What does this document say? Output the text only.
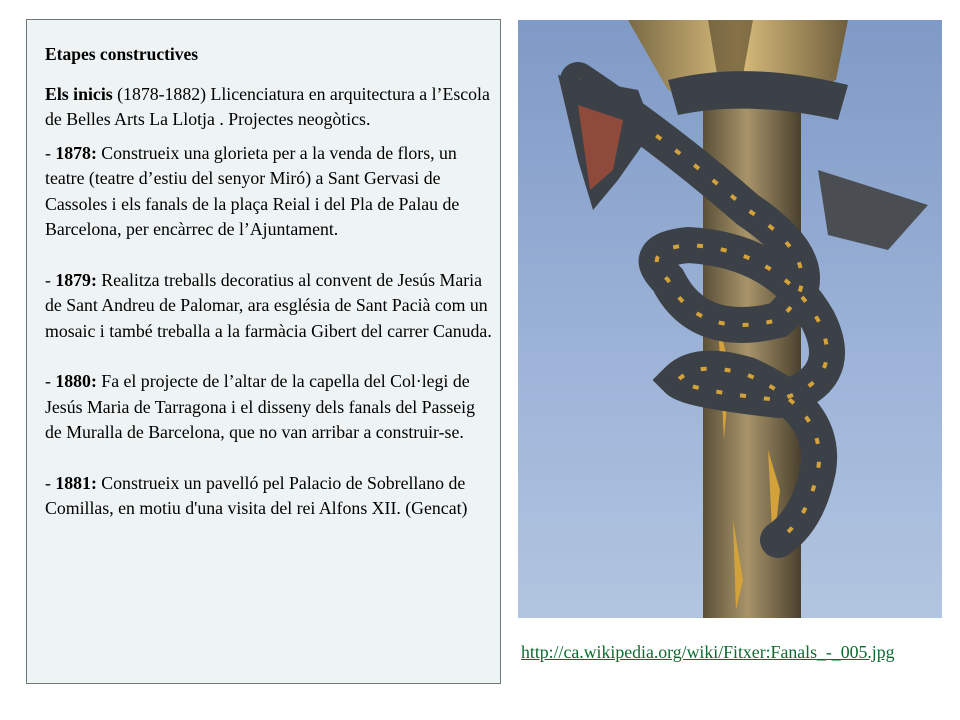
Etapes constructives

Els inicis (1878-1882) Llicenciatura en arquitectura a l’Escola de Belles Arts La Llotja . Projectes neogòtics.

- 1878: Construeix una glorieta per a la venda de flors, un teatre (teatre d’estiu del senyor Miró) a Sant Gervasi de Cassoles i els fanals de la plaça Reial i del Pla de Palau de Barcelona, per encàrrec de l’Ajuntament.

- 1879: Realitza treballs decoratius al convent de Jesús Maria de Sant Andreu de Palomar, ara església de Sant Pacià com un mosaic i també treballa a la farmàcia Gibert del carrer Canuda.

- 1880: Fa el projecte de l’altar de la capella del Col·legi de Jesús Maria de Tarragona i el disseny dels fanals del Passeig de Muralla de Barcelona, que no van arribar a construir-se.

- 1881: Construeix un pavelló pel Palacio de Sobrellano de Comillas, en motiu d'una visita del rei Alfons XII. (Gencat)

http://ca.wikipedia.org/wiki/Fitxer:Fanals_-_005.jpg
